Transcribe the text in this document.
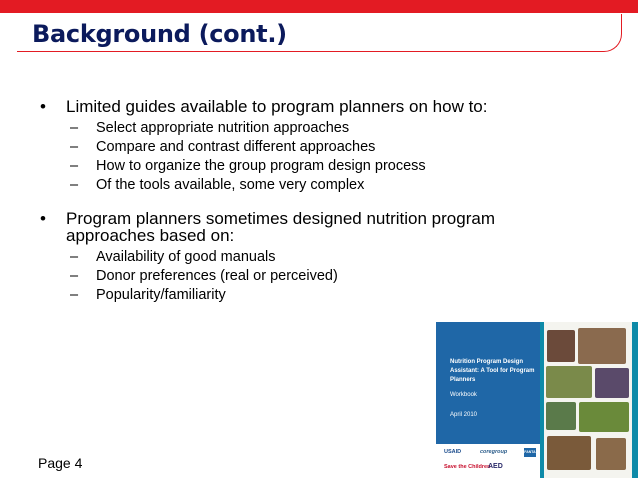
Background (cont.)

• Limited guides available to program planners on how to:

– Select appropriate nutrition approaches
– Compare and contrast different approaches
– How to organize the group program design process
– Of the tools available, some very complex

• Program planners sometimes designed nutrition program approaches based on:

– Availability of good manuals
– Donor preferences (real or perceived)
– Popularity/familiarity
Nutrition Program Design Assistant: A Tool for Program Planners
Workbook
April 2010
USAID	coregroup
Save the Children
AED
FANTA
Page 4
